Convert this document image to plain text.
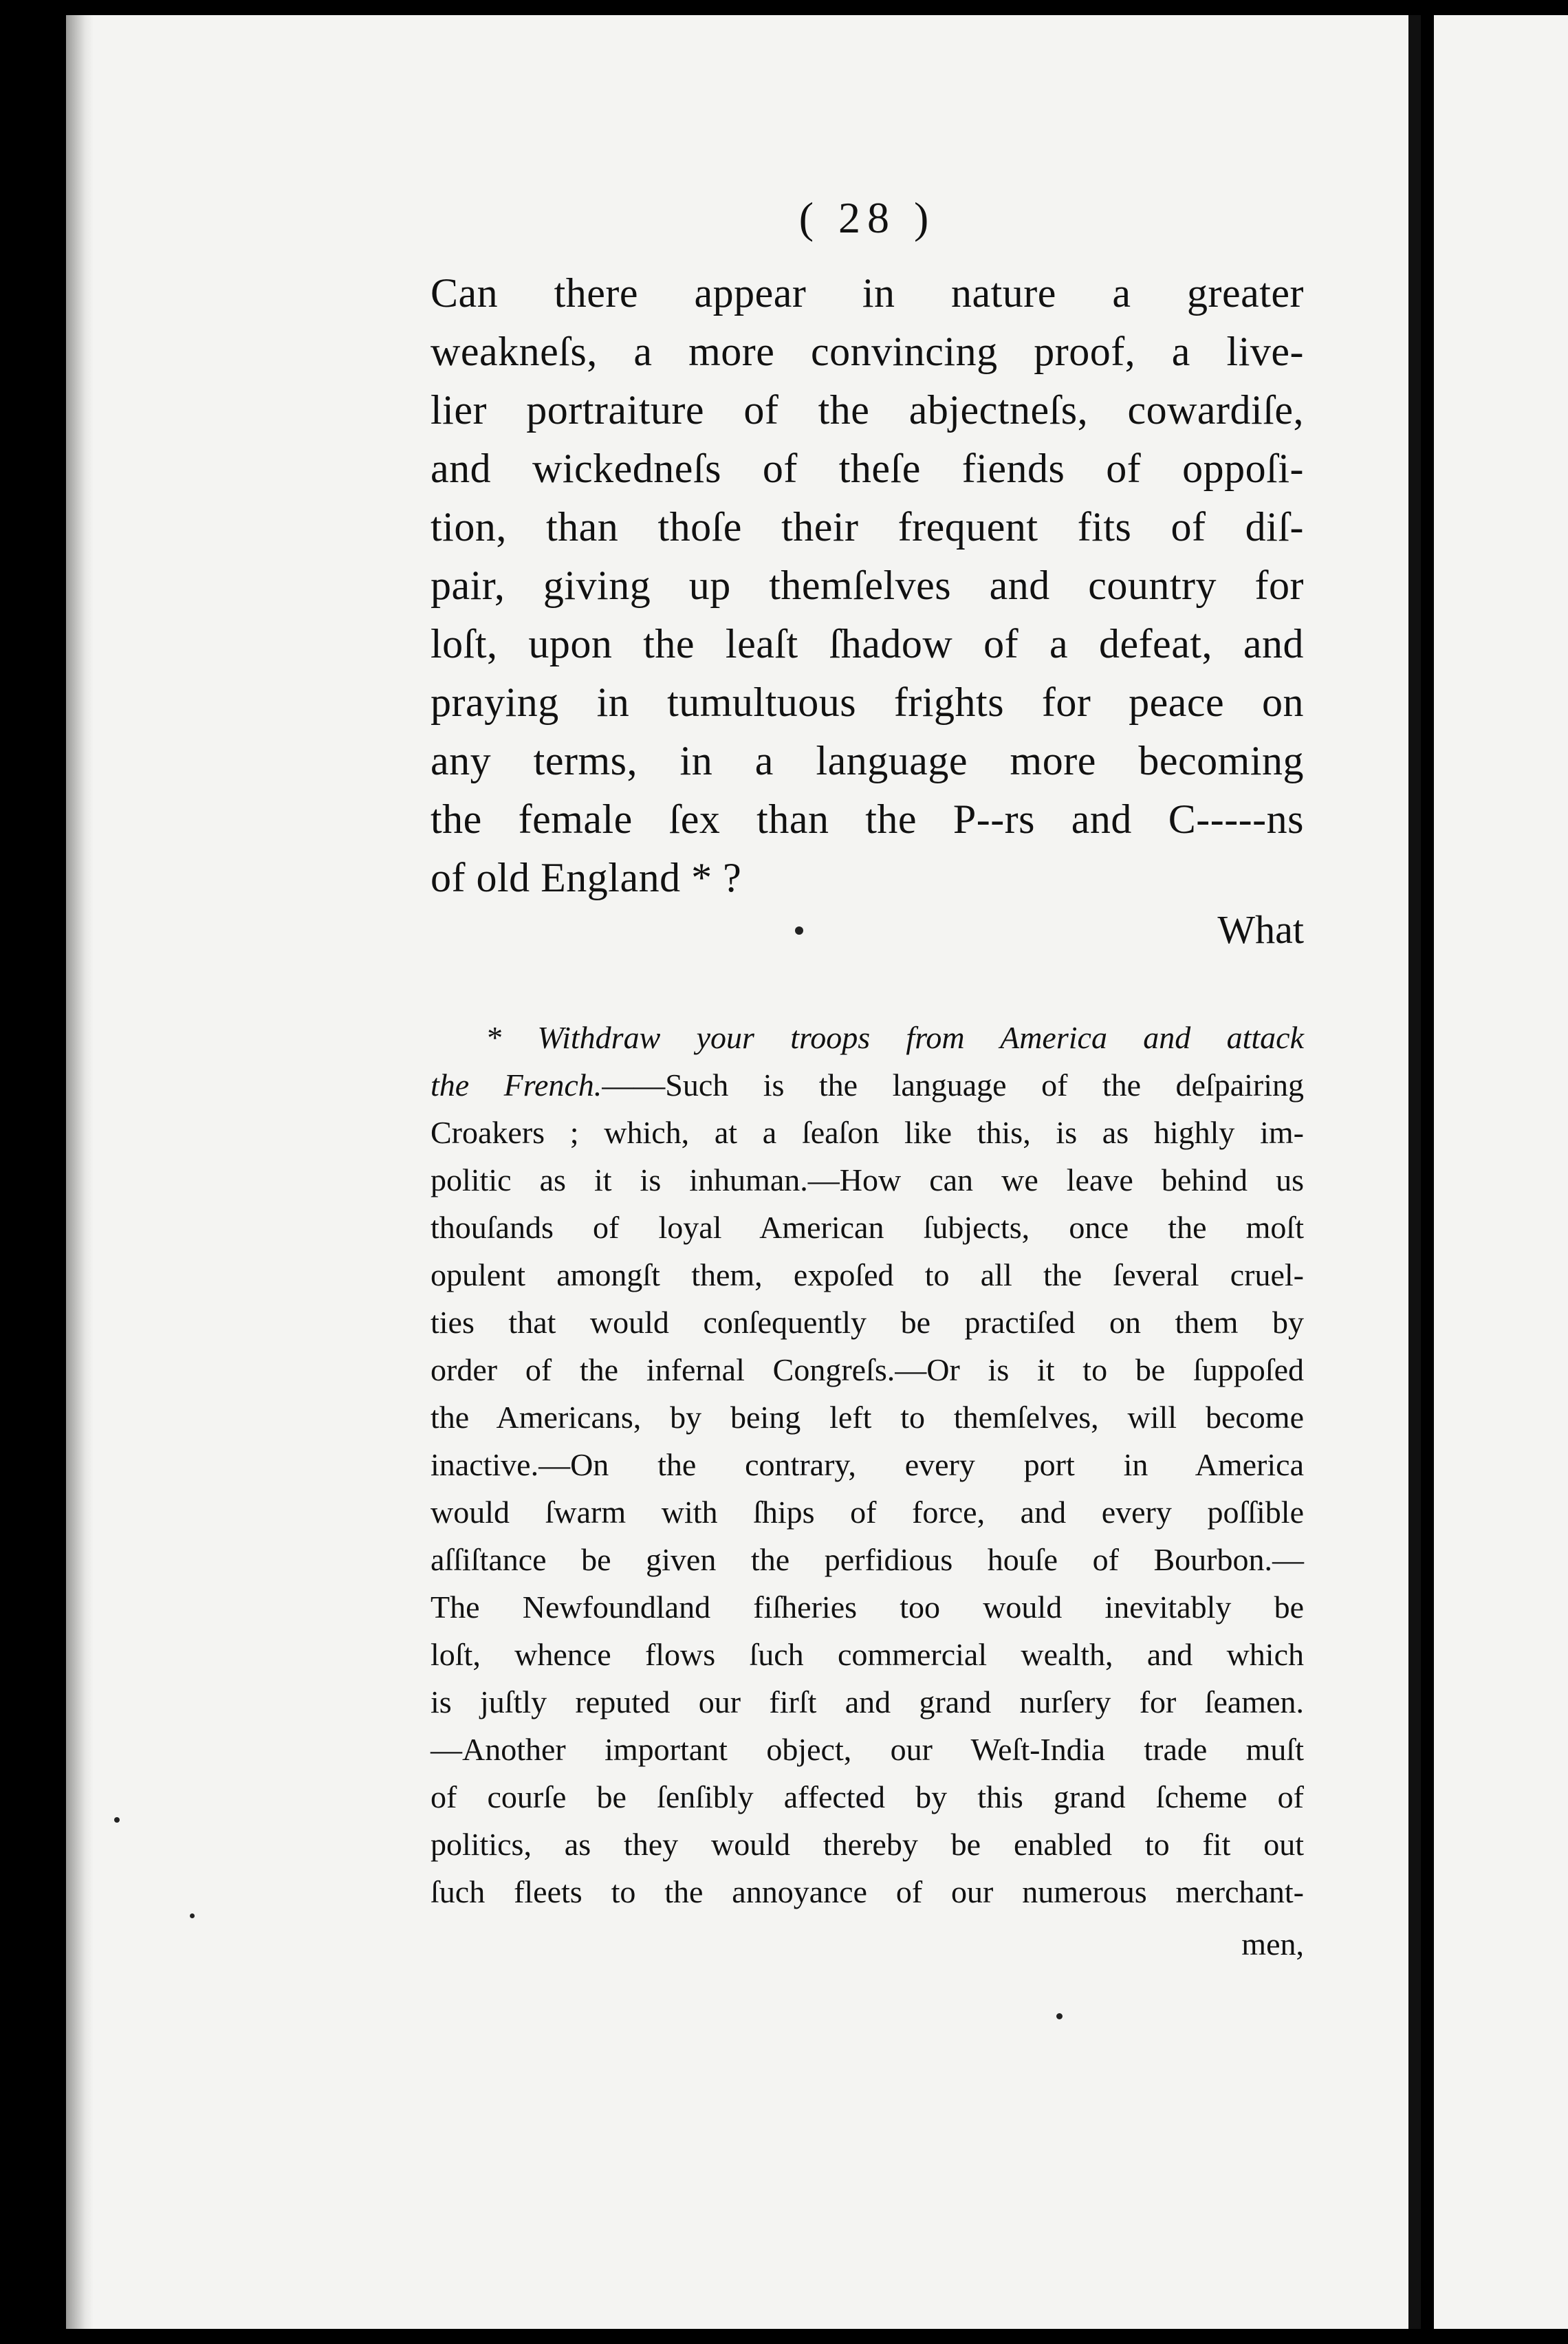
( 28 )
Can there appear in nature a greater
weakneſs, a more convincing proof, a live-
lier portraiture of the abjectneſs, cowardiſe,
and wickedneſs of theſe fiends of oppoſi-
tion, than thoſe their frequent fits of diſ-
pair, giving up themſelves and country for
loſt, upon the leaſt ſhadow of a defeat, and
praying in tumultuous frights for peace on
any terms, in a language more becoming
the female ſex than the P--rs and C-----ns
of old England * ?
What
* Withdraw your troops from America and attack
the French.——Such is the language of the deſpairing
Croakers ; which, at a ſeaſon like this, is as highly im-
politic as it is inhuman.—How can we leave behind us
thouſands of loyal American ſubjects, once the moſt
opulent amongſt them, expoſed to all the ſeveral cruel-
ties that would conſequently be practiſed on them by
order of the infernal Congreſs.—Or is it to be ſuppoſed
the Americans, by being left to themſelves, will become
inactive.—On the contrary, every port in America
would ſwarm with ſhips of force, and every poſſible
aſſiſtance be given the perfidious houſe of Bourbon.—
The Newfoundland fiſheries too would inevitably be
loſt, whence flows ſuch commercial wealth, and which
is juſtly reputed our firſt and grand nurſery for ſeamen.
—Another important object, our Weſt-India trade muſt
of courſe be ſenſibly affected by this grand ſcheme of
politics, as they would thereby be enabled to fit out
ſuch fleets to the annoyance of our numerous merchant-
men,
